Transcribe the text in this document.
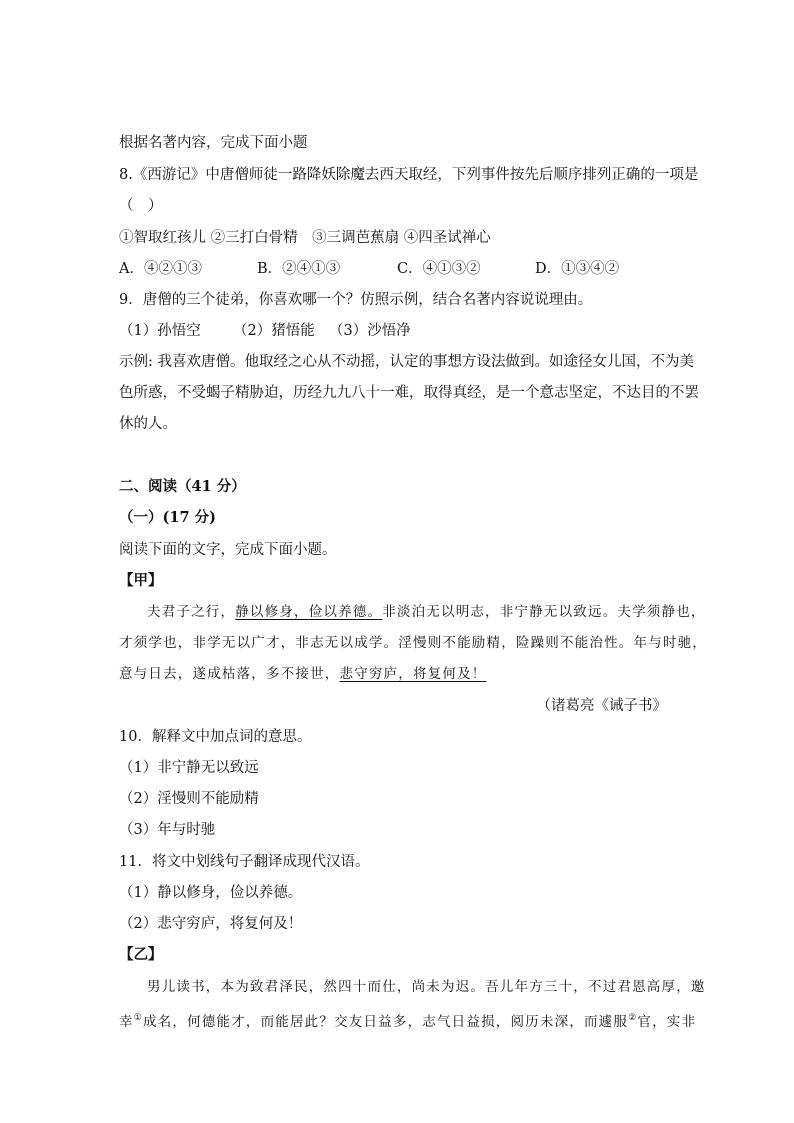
根据名著内容，完成下面小题
8.《西游记》中唐僧师徒一路降妖除魔去西天取经，下列事件按先后顺序排列正确的一项是
（　）
①智取红孩儿 ②三打白骨精　③三调芭蕉扇 ④四圣试禅心
A．④②①③	B．②④①③	C．④①③②	D．①③④②
9．唐僧的三个徒弟，你喜欢哪一个？仿照示例，结合名著内容说说理由。
（1）孙悟空 （2）猪悟能 （3）沙悟净
示例: 我喜欢唐僧。他取经之心从不动摇，认定的事想方设法做到。如途径女儿国，不为美
色所惑，不受蝎子精胁迫，历经九九八十一难，取得真经，是一个意志坚定，不达目的不罢
休的人。
二、阅读（41 分）
（一）(17 分)
阅读下面的文字，完成下面小题。
【甲】
夫君子之行，静以修身，俭以养德。非淡泊无以明志，非宁静无以致远。夫学须静也，
才须学也，非学无以广才，非志无以成学。淫慢则不能励精，险躁则不能治性。年与时驰，
意与日去，遂成枯落，多不接世，悲守穷庐，将复何及！
（诸葛亮《诫子书》
10．解释文中加点词的意思。
（1）非宁静无以致远
（2）淫慢则不能励精
（3）年与时驰
11．将文中划线句子翻译成现代汉语。
（1）静以修身，俭以养德。
（2）悲守穷庐，将复何及！
【乙】
男儿读书，本为致君泽民，然四十而仕，尚未为迟。吾儿年方三十，不过君恩高厚，邀
幸①成名，何德能才，而能居此？交友日益多，志气日益损，阅历未深，而遽服②官，实非
